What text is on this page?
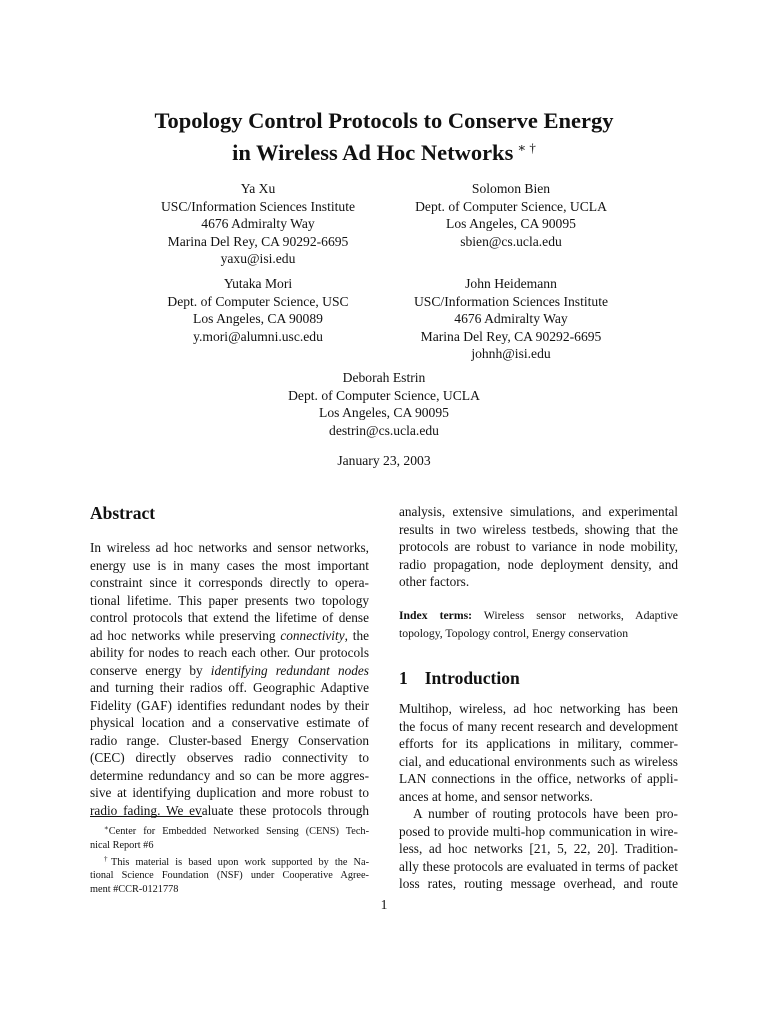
Topology Control Protocols to Conserve Energy
in Wireless Ad Hoc Networks ∗ †
Ya Xu
USC/Information Sciences Institute
4676 Admiralty Way
Marina Del Rey, CA 90292-6695
yaxu@isi.edu
Solomon Bien
Dept. of Computer Science, UCLA
Los Angeles, CA 90095
sbien@cs.ucla.edu
Yutaka Mori
Dept. of Computer Science, USC
Los Angeles, CA 90089
y.mori@alumni.usc.edu
John Heidemann
USC/Information Sciences Institute
4676 Admiralty Way
Marina Del Rey, CA 90292-6695
johnh@isi.edu
Deborah Estrin
Dept. of Computer Science, UCLA
Los Angeles, CA 90095
destrin@cs.ucla.edu
January 23, 2003
Abstract
In wireless ad hoc networks and sensor networks,
energy use is in many cases the most important
constraint since it corresponds directly to opera-
tional lifetime. This paper presents two topology
control protocols that extend the lifetime of dense
ad hoc networks while preserving connectivity, the
ability for nodes to reach each other. Our protocols
conserve energy by identifying redundant nodes
and turning their radios off. Geographic Adaptive
Fidelity (GAF) identifies redundant nodes by their
physical location and a conservative estimate of
radio range. Cluster-based Energy Conservation
(CEC) directly observes radio connectivity to
determine redundancy and so can be more aggres-
sive at identifying duplication and more robust to
radio fading. We evaluate these protocols through
∗Center for Embedded Networked Sensing (CENS) Tech-
nical Report #6
†This material is based upon work supported by the Na-
tional Science Foundation (NSF) under Cooperative Agree-
ment #CCR-0121778
analysis, extensive simulations, and experimental
results in two wireless testbeds, showing that the
protocols are robust to variance in node mobility,
radio propagation, node deployment density, and
other factors.
Index terms: Wireless sensor networks, Adaptive
topology, Topology control, Energy conservation
1 Introduction
Multihop, wireless, ad hoc networking has been
the focus of many recent research and development
efforts for its applications in military, commer-
cial, and educational environments such as wireless
LAN connections in the office, networks of appli-
ances at home, and sensor networks.
A number of routing protocols have been pro-
posed to provide multi-hop communication in wire-
less, ad hoc networks [21, 5, 22, 20]. Tradition-
ally these protocols are evaluated in terms of packet
loss rates, routing message overhead, and route
1
